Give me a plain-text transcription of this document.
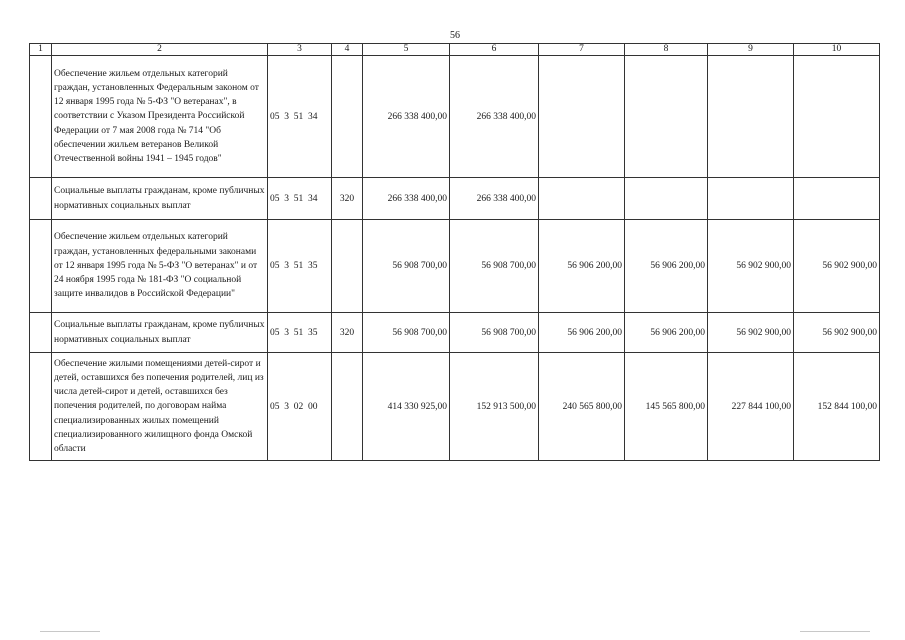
56
1	2	3	4	5	6	7	8	9	10
	Обеспечение жильем отдельных категорий граждан, установленных Федеральным законом от 12 января 1995 года № 5-ФЗ "О ветеранах", в соответствии с Указом Президента Российской Федерации от 7 мая 2008 года № 714 "Об обеспечении жильем ветеранов Великой Отечественной войны 1941 – 1945 годов"	05  3  51  34		266 338 400,00	266 338 400,00				
	Социальные выплаты гражданам, кроме публичных нормативных социальных выплат	05  3  51  34	320	266 338 400,00	266 338 400,00				
	Обеспечение жильем отдельных категорий граждан, установленных федеральными законами от 12 января 1995 года № 5-ФЗ "О ветеранах" и от 24 ноября 1995 года № 181-ФЗ "О социальной защите инвалидов в Российской Федерации"	05  3  51  35		56 908 700,00	56 908 700,00	56 906 200,00	56 906 200,00	56 902 900,00	56 902 900,00
	Социальные выплаты гражданам, кроме публичных нормативных социальных выплат	05  3  51  35	320	56 908 700,00	56 908 700,00	56 906 200,00	56 906 200,00	56 902 900,00	56 902 900,00
	Обеспечение жилыми помещениями детей-сирот и детей, оставшихся без попечения родителей, лиц из числа детей-сирот и детей, оставшихся без попечения родителей, по договорам найма специализированных жилых помещений специализированного жилищного фонда Омской области	05  3  02  00		414 330 925,00	152 913 500,00	240 565 800,00	145 565 800,00	227 844 100,00	152 844 100,00
